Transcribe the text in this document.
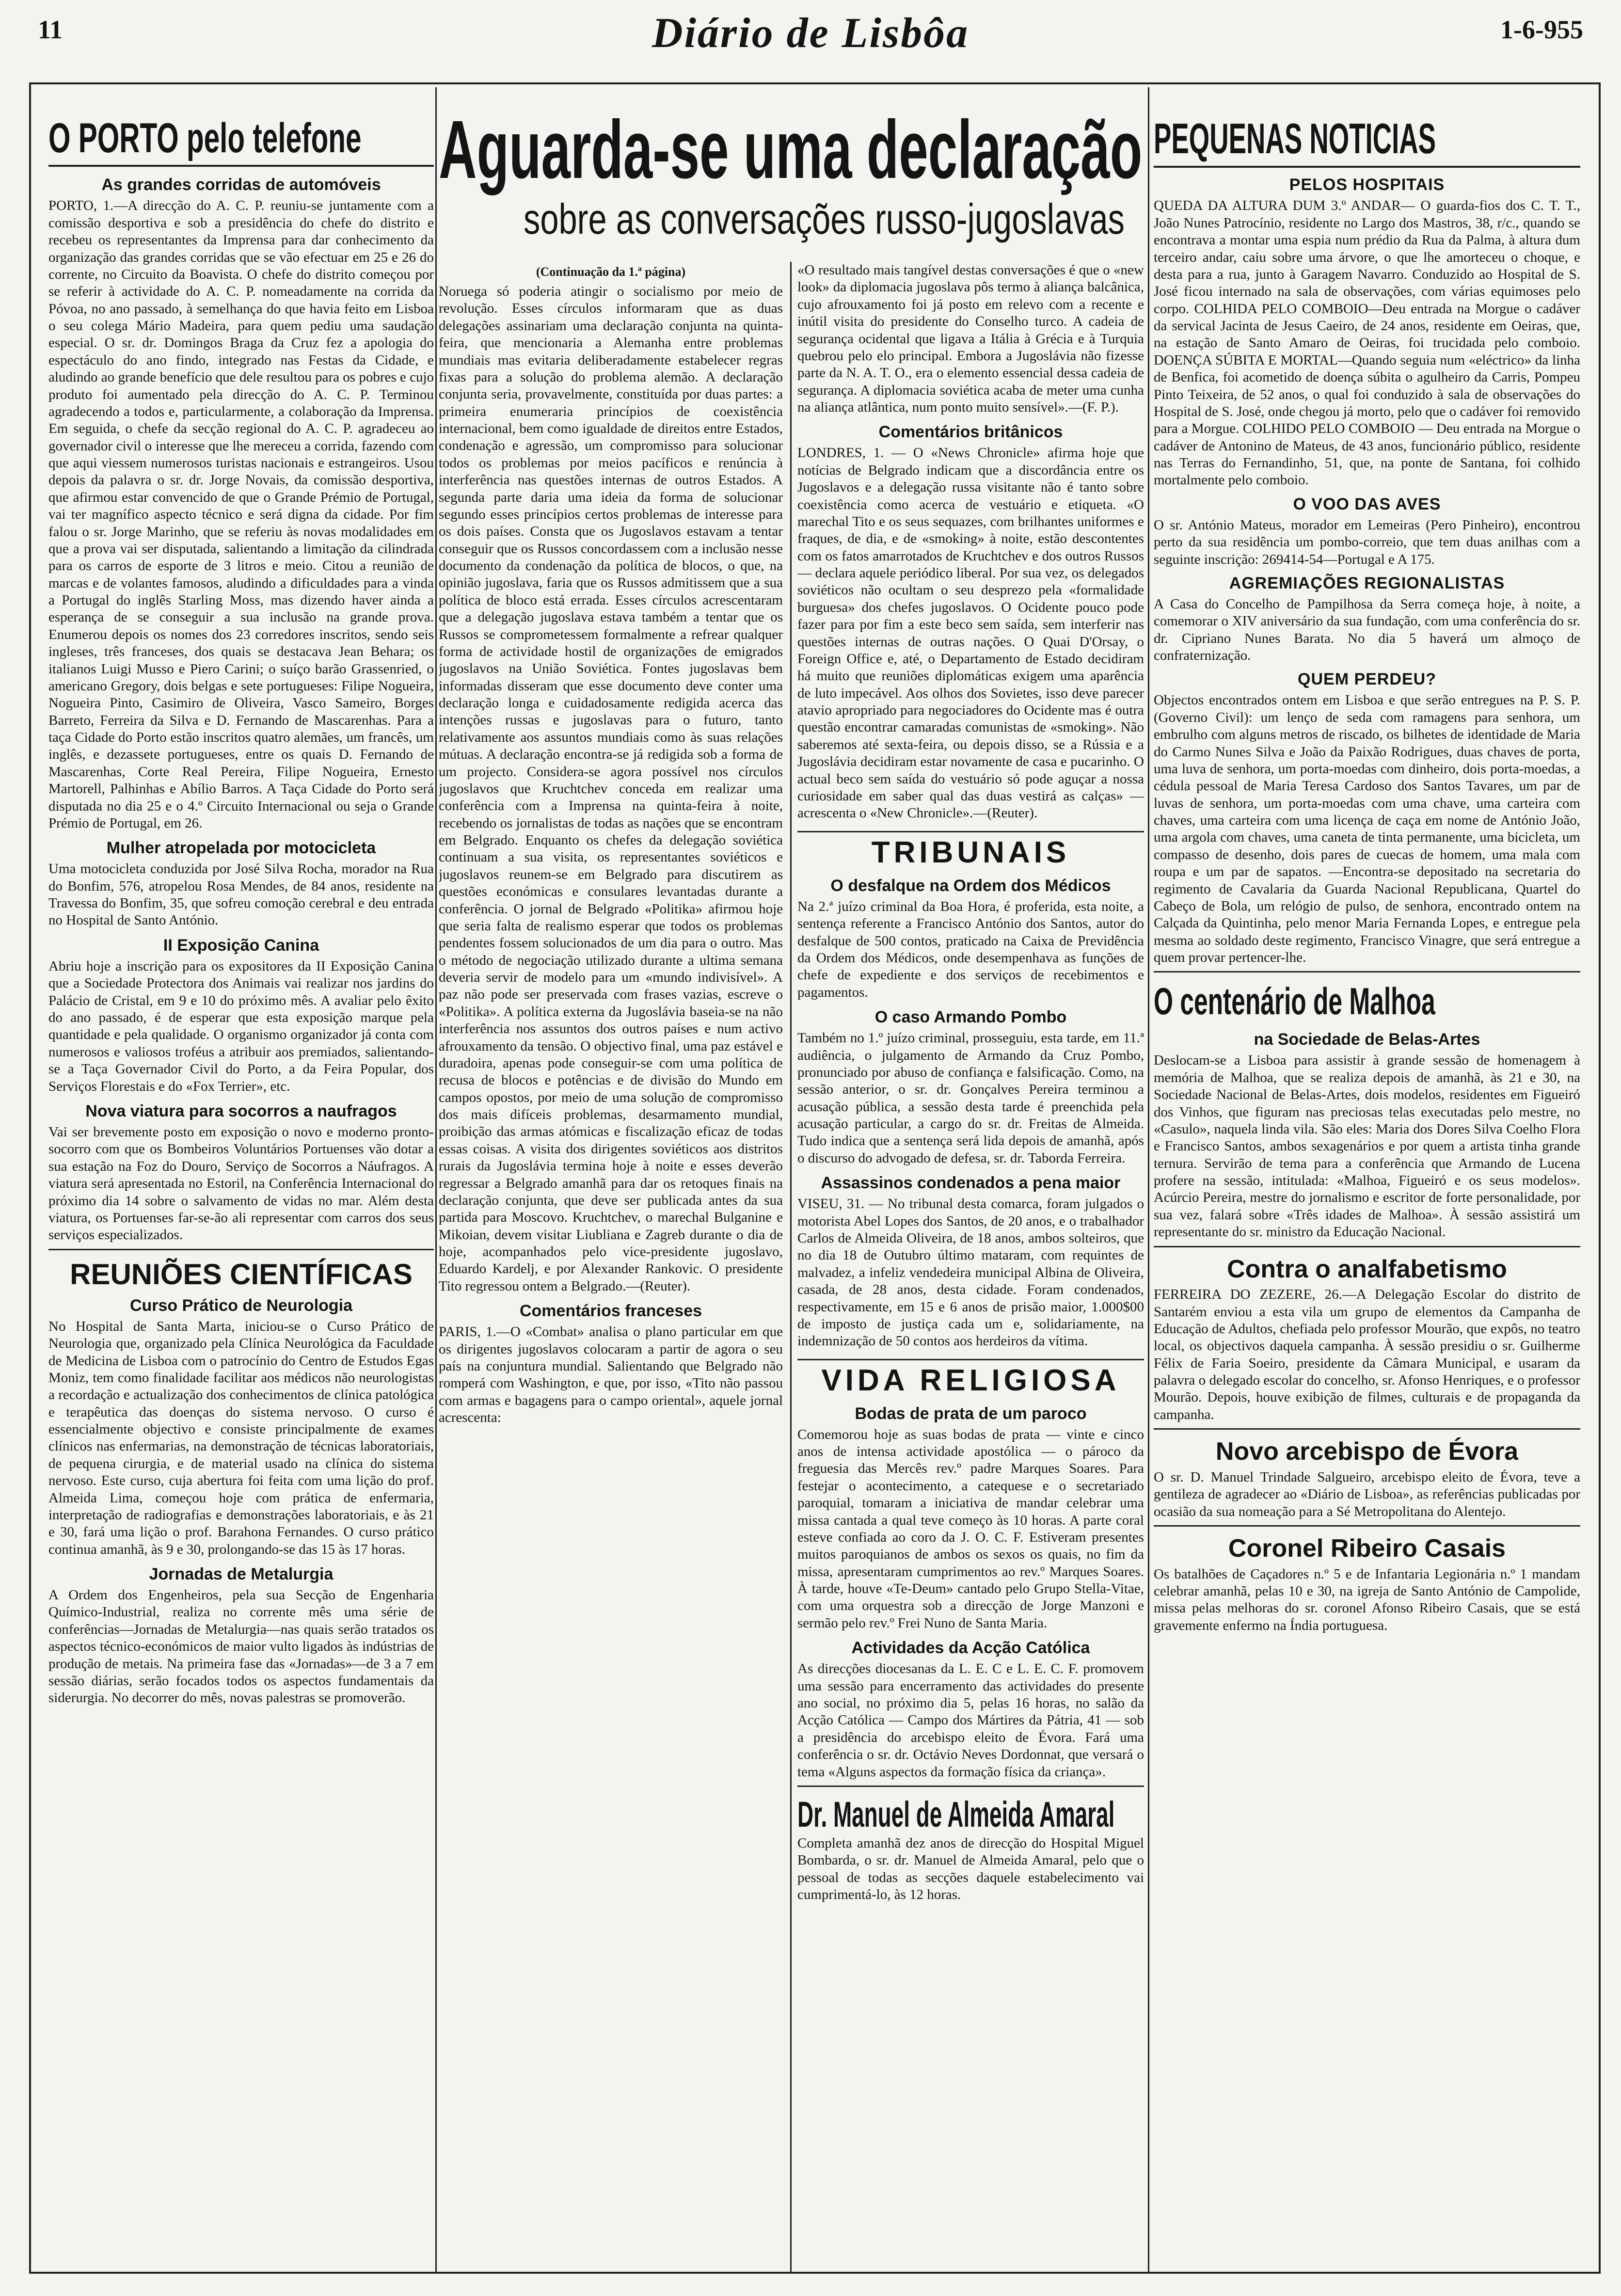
11	Diário de Lisbôa	1-6-955
O PORTO pelo telefone
As grandes corridas de automóveis
PORTO, 1.—A direcção do A. C. P. reuniu-se juntamente com a comissão desportiva e sob a presidência do chefe do distrito e recebeu os representantes da Imprensa para dar conhecimento da organização das grandes corridas que se vão efectuar em 25 e 26 do corrente, no Circuito da Boavista. O chefe do distrito começou por se referir à actividade do A. C. P. nomeadamente na corrida da Póvoa, no ano passado, à semelhança do que havia feito em Lisboa o seu colega Mário Madeira, para quem pediu uma saudação especial. O sr. dr. Domingos Braga da Cruz fez a apologia do espectáculo do ano findo, integrado nas Festas da Cidade, e aludindo ao grande benefício que dele resultou para os pobres e cujo produto foi aumentado pela direcção do A. C. P. Terminou agradecendo a todos e, particularmente, a colaboração da Imprensa. Em seguida, o chefe da secção regional do A. C. P. agradeceu ao governador civil o interesse que lhe mereceu a corrida, fazendo com que aqui viessem numerosos turistas nacionais e estrangeiros. Usou depois da palavra o sr. dr. Jorge Novais, da comissão desportiva, que afirmou estar convencido de que o Grande Prémio de Portugal, vai ter magnífico aspecto técnico e será digna da cidade. Por fim falou o sr. Jorge Marinho, que se referiu às novas modalidades em que a prova vai ser disputada, salientando a limitação da cilindrada para os carros de esporte de 3 litros e meio. Citou a reunião de marcas e de volantes famosos, aludindo a dificuldades para a vinda a Portugal do inglês Starling Moss, mas dizendo haver ainda a esperança de se conseguir a sua inclusão na grande prova. Enumerou depois os nomes dos 23 corredores inscritos, sendo seis ingleses, três franceses, dos quais se destacava Jean Behara; os italianos Luigi Musso e Piero Carini; o suíço barão Grassenried, o americano Gregory, dois belgas e sete portugueses: Filipe Nogueira, Nogueira Pinto, Casimiro de Oliveira, Vasco Sameiro, Borges Barreto, Ferreira da Silva e D. Fernando de Mascarenhas. Para a taça Cidade do Porto estão inscritos quatro alemães, um francês, um inglês, e dezassete portugueses, entre os quais D. Fernando de Mascarenhas, Corte Real Pereira, Filipe Nogueira, Ernesto Martorell, Palhinhas e Abílio Barros. A Taça Cidade do Porto será disputada no dia 25 e o 4.º Circuito Internacional ou seja o Grande Prémio de Portugal, em 26.
Mulher atropelada por motocicleta
Uma motocicleta conduzida por José Silva Rocha, morador na Rua do Bonfim, 576, atropelou Rosa Mendes, de 84 anos, residente na Travessa do Bonfim, 35, que sofreu comoção cerebral e deu entrada no Hospital de Santo António.
II Exposição Canina
Abriu hoje a inscrição para os expositores da II Exposição Canina que a Sociedade Protectora dos Animais vai realizar nos jardins do Palácio de Cristal, em 9 e 10 do próximo mês. A avaliar pelo êxito do ano passado, é de esperar que esta exposição marque pela quantidade e pela qualidade. O organismo organizador já conta com numerosos e valiosos troféus a atribuir aos premiados, salientando-se a Taça Governador Civil do Porto, a da Feira Popular, dos Serviços Florestais e do «Fox Terrier», etc.
Nova viatura para socorros a naufragos
Vai ser brevemente posto em exposição o novo e moderno pronto-socorro com que os Bombeiros Voluntários Portuenses vão dotar a sua estação na Foz do Douro, Serviço de Socorros a Náufragos. A viatura será apresentada no Estoril, na Conferência Internacional do próximo dia 14 sobre o salvamento de vidas no mar. Além desta viatura, os Portuenses far-se-ão ali representar com carros dos seus serviços especializados.
REUNIÕES CIENTÍFICAS
Curso Prático de Neurologia
No Hospital de Santa Marta, iniciou-se o Curso Prático de Neurologia que, organizado pela Clínica Neurológica da Faculdade de Medicina de Lisboa com o patrocínio do Centro de Estudos Egas Moniz, tem como finalidade facilitar aos médicos não neurologistas a recordação e actualização dos conhecimentos de clínica patológica e terapêutica das doenças do sistema nervoso. O curso é essencialmente objectivo e consiste principalmente de exames clínicos nas enfermarias, na demonstração de técnicas laboratoriais, de pequena cirurgia, e de material usado na clínica do sistema nervoso. Este curso, cuja abertura foi feita com uma lição do prof. Almeida Lima, começou hoje com prática de enfermaria, interpretação de radiografias e demonstrações laboratoriais, e às 21 e 30, fará uma lição o prof. Barahona Fernandes. O curso prático continua amanhã, às 9 e 30, prolongando-se das 15 às 17 horas.
Jornadas de Metalurgia
A Ordem dos Engenheiros, pela sua Secção de Engenharia Químico-Industrial, realiza no corrente mês uma série de conferências—Jornadas de Metalurgia—nas quais serão tratados os aspectos técnico-económicos de maior vulto ligados às indústrias de produção de metais. Na primeira fase das «Jornadas»—de 3 a 7 em sessão diárias, serão focados todos os aspectos fundamentais da siderurgia. No decorrer do mês, novas palestras se promoverão.
Aguarda-se uma declaração
sobre as conversações russo-jugoslavas
(Continuação da 1.ª página)
Noruega só poderia atingir o socialismo por meio de revolução. Esses círculos informaram que as duas delegações assinariam uma declaração conjunta na quinta-feira, que mencionaria a Alemanha entre problemas mundiais mas evitaria deliberadamente estabelecer regras fixas para a solução do problema alemão. A declaração conjunta seria, provavelmente, constituída por duas partes: a primeira enumeraria princípios de coexistência internacional, bem como igualdade de direitos entre Estados, condenação e agressão, um compromisso para solucionar todos os problemas por meios pacíficos e renúncia à interferência nas questões internas de outros Estados. A segunda parte daria uma ideia da forma de solucionar segundo esses princípios certos problemas de interesse para os dois países. Consta que os Jugoslavos estavam a tentar conseguir que os Russos concordassem com a inclusão nesse documento da condenação da política de blocos, o que, na opinião jugoslava, faria que os Russos admitissem que a sua política de bloco está errada. Esses círculos acrescentaram que a delegação jugoslava estava também a tentar que os Russos se comprometessem formalmente a refrear qualquer forma de actividade hostil de organizações de emigrados jugoslavos na União Soviética. Fontes jugoslavas bem informadas disseram que esse documento deve conter uma declaração longa e cuidadosamente redigida acerca das intenções russas e jugoslavas para o futuro, tanto relativamente aos assuntos mundiais como às suas relações mútuas. A declaração encontra-se já redigida sob a forma de um projecto. Considera-se agora possível nos círculos jugoslavos que Kruchtchev conceda em realizar uma conferência com a Imprensa na quinta-feira à noite, recebendo os jornalistas de todas as nações que se encontram em Belgrado. Enquanto os chefes da delegação soviética continuam a sua visita, os representantes soviéticos e jugoslavos reunem-se em Belgrado para discutirem as questões económicas e consulares levantadas durante a conferência. O jornal de Belgrado «Politika» afirmou hoje que seria falta de realismo esperar que todos os problemas pendentes fossem solucionados de um dia para o outro. Mas o método de negociação utilizado durante a ultima semana deveria servir de modelo para um «mundo indivisível». A paz não pode ser preservada com frases vazias, escreve o «Politika». A política externa da Jugoslávia baseia-se na não interferência nos assuntos dos outros países e num activo afrouxamento da tensão. O objectivo final, uma paz estável e duradoira, apenas pode conseguir-se com uma política de recusa de blocos e potências e de divisão do Mundo em campos opostos, por meio de uma solução de compromisso dos mais difíceis problemas, desarmamento mundial, proibição das armas atómicas e fiscalização eficaz de todas essas coisas. A visita dos dirigentes soviéticos aos distritos rurais da Jugoslávia termina hoje à noite e esses deverão regressar a Belgrado amanhã para dar os retoques finais na declaração conjunta, que deve ser publicada antes da sua partida para Moscovo. Kruchtchev, o marechal Bulganine e Mikoian, devem visitar Liubliana e Zagreb durante o dia de hoje, acompanhados pelo vice-presidente jugoslavo, Eduardo Kardelj, e por Alexander Rankovic. O presidente Tito regressou ontem a Belgrado.—(Reuter).
Comentários franceses
PARIS, 1.—O «Combat» analisa o plano particular em que os dirigentes jugoslavos colocaram a partir de agora o seu país na conjuntura mundial. Salientando que Belgrado não romperá com Washington, e que, por isso, «Tito não passou com armas e bagagens para o campo oriental», aquele jornal acrescenta:
«O resultado mais tangível destas conversações é que o «new look» da diplomacia jugoslava pôs termo à aliança balcânica, cujo afrouxamento foi já posto em relevo com a recente e inútil visita do presidente do Conselho turco. A cadeia de segurança ocidental que ligava a Itália à Grécia e à Turquia quebrou pelo elo principal. Embora a Jugoslávia não fizesse parte da N. A. T. O., era o elemento essencial dessa cadeia de segurança. A diplomacia soviética acaba de meter uma cunha na aliança atlântica, num ponto muito sensível».—(F. P.).
Comentários britânicos
LONDRES, 1. — O «News Chronicle» afirma hoje que notícias de Belgrado indicam que a discordância entre os Jugoslavos e a delegação russa visitante não é tanto sobre coexistência como acerca de vestuário e etiqueta. «O marechal Tito e os seus sequazes, com brilhantes uniformes e fraques, de dia, e de «smoking» à noite, estão descontentes com os fatos amarrotados de Kruchtchev e dos outros Russos — declara aquele periódico liberal. Por sua vez, os delegados soviéticos não ocultam o seu desprezo pela «formalidade burguesa» dos chefes jugoslavos. O Ocidente pouco pode fazer para por fim a este beco sem saída, sem interferir nas questões internas de outras nações. O Quai D'Orsay, o Foreign Office e, até, o Departamento de Estado decidiram há muito que reuniões diplomáticas exigem uma aparência de luto impecável. Aos olhos dos Sovietes, isso deve parecer atavio apropriado para negociadores do Ocidente mas é outra questão encontrar camaradas comunistas de «smoking». Não saberemos até sexta-feira, ou depois disso, se a Rússia e a Jugoslávia decidiram estar novamente de casa e pucarinho. O actual beco sem saída do vestuário só pode aguçar a nossa curiosidade em saber qual das duas vestirá as calças» — acrescenta o «New Chronicle».—(Reuter).
TRIBUNAIS
O desfalque na Ordem dos Médicos
Na 2.ª juízo criminal da Boa Hora, é proferida, esta noite, a sentença referente a Francisco António dos Santos, autor do desfalque de 500 contos, praticado na Caixa de Previdência da Ordem dos Médicos, onde desempenhava as funções de chefe de expediente e dos serviços de recebimentos e pagamentos.
O caso Armando Pombo
Também no 1.º juízo criminal, prosseguiu, esta tarde, em 11.ª audiência, o julgamento de Armando da Cruz Pombo, pronunciado por abuso de confiança e falsificação. Como, na sessão anterior, o sr. dr. Gonçalves Pereira terminou a acusação pública, a sessão desta tarde é preenchida pela acusação particular, a cargo do sr. dr. Freitas de Almeida. Tudo indica que a sentença será lida depois de amanhã, após o discurso do advogado de defesa, sr. dr. Taborda Ferreira.
Assassinos condenados a pena maior
VISEU, 31. — No tribunal desta comarca, foram julgados o motorista Abel Lopes dos Santos, de 20 anos, e o trabalhador Carlos de Almeida Oliveira, de 18 anos, ambos solteiros, que no dia 18 de Outubro último mataram, com requintes de malvadez, a infeliz vendedeira municipal Albina de Oliveira, casada, de 28 anos, desta cidade. Foram condenados, respectivamente, em 15 e 6 anos de prisão maior, 1.000$00 de imposto de justiça cada um e, solidariamente, na indemnização de 50 contos aos herdeiros da vítima.
VIDA RELIGIOSA
Bodas de prata de um paroco
Comemorou hoje as suas bodas de prata — vinte e cinco anos de intensa actividade apostólica — o pároco da freguesia das Mercês rev.º padre Marques Soares. Para festejar o acontecimento, a catequese e o secretariado paroquial, tomaram a iniciativa de mandar celebrar uma missa cantada a qual teve começo às 10 horas. A parte coral esteve confiada ao coro da J. O. C. F. Estiveram presentes muitos paroquianos de ambos os sexos os quais, no fim da missa, apresentaram cumprimentos ao rev.º Marques Soares. À tarde, houve «Te-Deum» cantado pelo Grupo Stella-Vitae, com uma orquestra sob a direcção de Jorge Manzoni e sermão pelo rev.º Frei Nuno de Santa Maria.
Actividades da Acção Católica
As direcções diocesanas da L. E. C e L. E. C. F. promovem uma sessão para encerramento das actividades do presente ano social, no próximo dia 5, pelas 16 horas, no salão da Acção Católica — Campo dos Mártires da Pátria, 41 — sob a presidência do arcebispo eleito de Évora. Fará uma conferência o sr. dr. Octávio Neves Dordonnat, que versará o tema «Alguns aspectos da formação física da criança».
Dr. Manuel de Almeida Amaral
Completa amanhã dez anos de direcção do Hospital Miguel Bombarda, o sr. dr. Manuel de Almeida Amaral, pelo que o pessoal de todas as secções daquele estabelecimento vai cumprimentá-lo, às 12 horas.
PEQUENAS NOTICIAS
PELOS HOSPITAIS
QUEDA DA ALTURA DUM 3.º ANDAR— O guarda-fios dos C. T. T., João Nunes Patrocínio, residente no Largo dos Mastros, 38, r/c., quando se encontrava a montar uma espia num prédio da Rua da Palma, à altura dum terceiro andar, caiu sobre uma árvore, o que lhe amorteceu o choque, e desta para a rua, junto à Garagem Navarro. Conduzido ao Hospital de S. José ficou internado na sala de observações, com várias equimoses pelo corpo. COLHIDA PELO COMBOIO—Deu entrada na Morgue o cadáver da servical Jacinta de Jesus Caeiro, de 24 anos, residente em Oeiras, que, na estação de Santo Amaro de Oeiras, foi trucidada pelo comboio. DOENÇA SÚBITA E MORTAL—Quando seguia num «eléctrico» da linha de Benfica, foi acometido de doença súbita o agulheiro da Carris, Pompeu Pinto Teixeira, de 52 anos, o qual foi conduzido à sala de observações do Hospital de S. José, onde chegou já morto, pelo que o cadáver foi removido para a Morgue. COLHIDO PELO COMBOIO — Deu entrada na Morgue o cadáver de Antonino de Mateus, de 43 anos, funcionário público, residente nas Terras do Fernandinho, 51, que, na ponte de Santana, foi colhido mortalmente pelo comboio.
O VOO DAS AVES
O sr. António Mateus, morador em Lemeiras (Pero Pinheiro), encontrou perto da sua residência um pombo-correio, que tem duas anilhas com a seguinte inscrição: 269414-54—Portugal e A 175.
AGREMIAÇÕES REGIONALISTAS
A Casa do Concelho de Pampilhosa da Serra começa hoje, à noite, a comemorar o XIV aniversário da sua fundação, com uma conferência do sr. dr. Cipriano Nunes Barata. No dia 5 haverá um almoço de confraternização.
QUEM PERDEU?
Objectos encontrados ontem em Lisboa e que serão entregues na P. S. P. (Governo Civil): um lenço de seda com ramagens para senhora, um embrulho com alguns metros de riscado, os bilhetes de identidade de Maria do Carmo Nunes Silva e João da Paixão Rodrigues, duas chaves de porta, uma luva de senhora, um porta-moedas com dinheiro, dois porta-moedas, a cédula pessoal de Maria Teresa Cardoso dos Santos Tavares, um par de luvas de senhora, um porta-moedas com uma chave, uma carteira com chaves, uma carteira com uma licença de caça em nome de António João, uma argola com chaves, uma caneta de tinta permanente, uma bicicleta, um compasso de desenho, dois pares de cuecas de homem, uma mala com roupa e um par de sapatos. —Encontra-se depositado na secretaria do regimento de Cavalaria da Guarda Nacional Republicana, Quartel do Cabeço de Bola, um relógio de pulso, de senhora, encontrado ontem na Calçada da Quintinha, pelo menor Maria Fernanda Lopes, e entregue pela mesma ao soldado deste regimento, Francisco Vinagre, que será entregue a quem provar pertencer-lhe.
O centenário de Malhoa
na Sociedade de Belas-Artes
Deslocam-se a Lisboa para assistir à grande sessão de homenagem à memória de Malhoa, que se realiza depois de amanhã, às 21 e 30, na Sociedade Nacional de Belas-Artes, dois modelos, residentes em Figueiró dos Vinhos, que figuram nas preciosas telas executadas pelo mestre, no «Casulo», naquela linda vila. São eles: Maria dos Dores Silva Coelho Flora e Francisco Santos, ambos sexagenários e por quem a artista tinha grande ternura. Servirão de tema para a conferência que Armando de Lucena profere na sessão, intitulada: «Malhoa, Figueiró e os seus modelos». Acúrcio Pereira, mestre do jornalismo e escritor de forte personalidade, por sua vez, falará sobre «Três idades de Malhoa». À sessão assistirá um representante do sr. ministro da Educação Nacional.
Contra o analfabetismo
FERREIRA DO ZEZERE, 26.—A Delegação Escolar do distrito de Santarém enviou a esta vila um grupo de elementos da Campanha de Educação de Adultos, chefiada pelo professor Mourão, que expôs, no teatro local, os objectivos daquela campanha. À sessão presidiu o sr. Guilherme Félix de Faria Soeiro, presidente da Câmara Municipal, e usaram da palavra o delegado escolar do concelho, sr. Afonso Henriques, e o professor Mourão. Depois, houve exibição de filmes, culturais e de propaganda da campanha.
Novo arcebispo de Évora
O sr. D. Manuel Trindade Salgueiro, arcebispo eleito de Évora, teve a gentileza de agradecer ao «Diário de Lisboa», as referências publicadas por ocasião da sua nomeação para a Sé Metropolitana do Alentejo.
Coronel Ribeiro Casais
Os batalhões de Caçadores n.º 5 e de Infantaria Legionária n.º 1 mandam celebrar amanhã, pelas 10 e 30, na igreja de Santo António de Campolide, missa pelas melhoras do sr. coronel Afonso Ribeiro Casais, que se está gravemente enfermo na Índia portuguesa.
